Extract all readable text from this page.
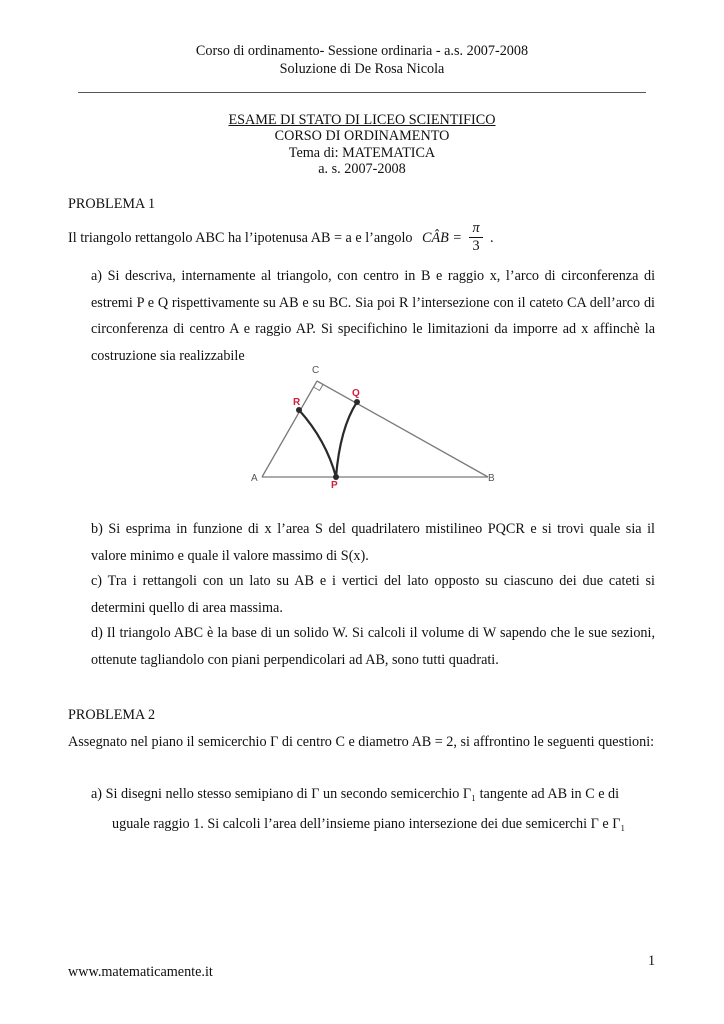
Corso di ordinamento- Sessione ordinaria - a.s. 2007-2008
Soluzione di De Rosa Nicola
ESAME DI STATO DI LICEO SCIENTIFICO
CORSO DI ORDINAMENTO
Tema di: MATEMATICA
a. s. 2007-2008
PROBLEMA 1
Il triangolo rettangolo ABC ha l’ipotenusa AB = a e l’angolo CÂB =
π
3 .
a) Si descriva, internamente al triangolo, con centro in B e raggio x, l’arco di circonferenza di estremi P e Q rispettivamente su AB e su BC. Sia poi R l’intersezione con il cateto CA dell’arco di circonferenza di centro A e raggio AP. Si specifichino le limitazioni da imporre ad x affinchè la costruzione sia realizzabile
A	B
C
R
Q
P
b) Si esprima in funzione di x l’area S del quadrilatero mistilineo PQCR e si trovi quale sia il valore minimo e quale il valore massimo di S(x).
c) Tra i rettangoli con un lato su AB e i vertici del lato opposto su ciascuno dei due cateti si determini quello di area massima.
d) Il triangolo ABC è la base di un solido W. Si calcoli il volume di W sapendo che le sue sezioni, ottenute tagliandolo con piani perpendicolari ad AB, sono tutti quadrati.
PROBLEMA 2
Assegnato nel piano il semicerchio Γ di centro C e diametro AB = 2, si affrontino le seguenti questioni:
a) Si disegni nello stesso semipiano di Γ un secondo semicerchio Γ₁ tangente ad AB in C e di
uguale raggio 1. Si calcoli l’area dell’insieme piano intersezione dei due semicerchi Γ e Γ₁
1
www.matematicamente.it
